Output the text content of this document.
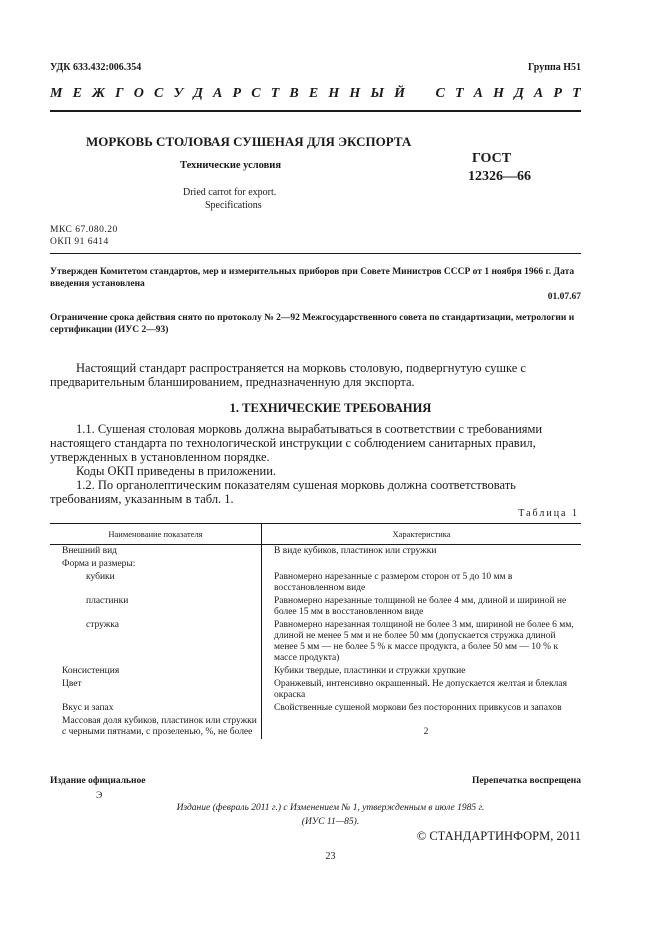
УДК 633.432:006.354	Группа Н51
М Е Ж Г О С У Д А Р С Т В Е Н Н Ы Й С Т А Н Д А Р Т
МОРКОВЬ СТОЛОВАЯ СУШЕНАЯ ДЛЯ ЭКСПОРТА
Технические условия
Dried carrot for export.
Specifications
ГОСТ
12326—66
МКС 67.080.20
ОКП 91 6414
Утвержден Комитетом стандартов, мер и измерительных приборов при Совете Министров СССР от 1 ноября 1966 г. Дата введения установлена
01.07.67
Ограничение срока действия снято по протоколу № 2—92 Межгосударственного совета по стандартизации, метрологии и сертификации (ИУС 2—93)
Настоящий стандарт распространяется на морковь столовую, подвергнутую сушке с предварительным бланшированием, предназначенную для экспорта.
1. ТЕХНИЧЕСКИЕ ТРЕБОВАНИЯ
1.1. Сушеная столовая морковь должна вырабатываться в соответствии с требованиями настоящего стандарта по технологической инструкции с соблюдением санитарных правил, утвержденных в установленном порядке.
Коды ОКП приведены в приложении.
1.2. По органолептическим показателям сушеная морковь должна соответствовать требованиям, указанным в табл. 1.
Таблица 1
Наименование показателя	Характеристика
Внешний вид	В виде кубиков, пластинок или стружки
Форма и размеры:	
кубики	Равномерно нарезанные с размером сторон от 5 до 10 мм в восстановленном виде
пластинки	Равномерно нарезанные толщиной не более 4 мм, длиной и шириной не более 15 мм в восстановленном виде
стружка	Равномерно нарезанная толщиной не более 3 мм, шириной не более 6 мм, длиной не менее 5 мм и не более 50 мм (допускается стружка длиной менее 5 мм — не более 5 % к массе продукта, а более 50 мм — 10 % к массе продукта)
Консистенция	Кубики твердые, пластинки и стружки хрупкие
Цвет	Оранжевый, интенсивно окрашенный. Не допускается желтая и блеклая окраска
Вкус и запах	Свойственные сушеной моркови без посторонних привкусов и запахов
Массовая доля кубиков, пластинок или стружки с черными пятнами, с прозеленью, %, не более	2
Издание официальное	Перепечатка воспрещена
Э
Издание (февраль 2011 г.) с Изменением № 1, утвержденным в июле 1985 г.
(ИУС 11—85).
© СТАНДАРТИНФОРМ, 2011
23
